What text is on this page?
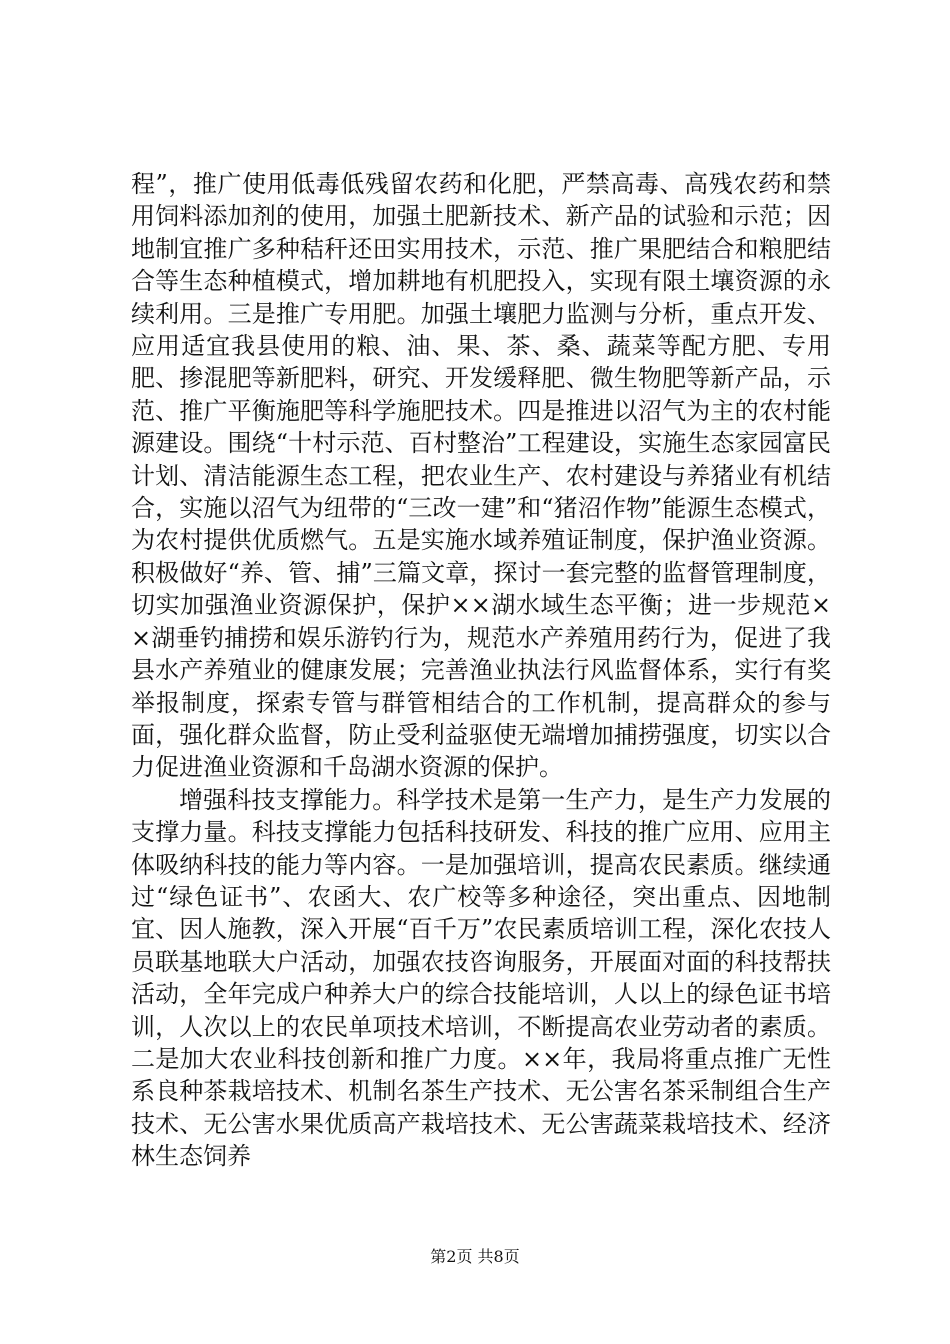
程”，推广使用低毒低残留农药和化肥，严禁高毒、高残农药和禁用饲料添加剂的使用，加强土肥新技术、新产品的试验和示范；因地制宜推广多种秸秆还田实用技术，示范、推广果肥结合和粮肥结合等生态种植模式，增加耕地有机肥投入，实现有限土壤资源的永续利用。三是推广专用肥。加强土壤肥力监测与分析，重点开发、应用适宜我县使用的粮、油、果、茶、桑、蔬菜等配方肥、专用肥、掺混肥等新肥料，研究、开发缓释肥、微生物肥等新产品，示范、推广平衡施肥等科学施肥技术。四是推进以沼气为主的农村能源建设。围绕“十村示范、百村整治”工程建设，实施生态家园富民计划、清洁能源生态工程，把农业生产、农村建设与养猪业有机结合，实施以沼气为纽带的“三改一建”和“猪沼作物”能源生态模式，为农村提供优质燃气。五是实施水域养殖证制度，保护渔业资源。积极做好“养、管、捕”三篇文章，探讨一套完整的监督管理制度，切实加强渔业资源保护，保护××湖水域生态平衡；进一步规范××湖垂钓捕捞和娱乐游钓行为，规范水产养殖用药行为，促进了我县水产养殖业的健康发展；完善渔业执法行风监督体系，实行有奖举报制度，探索专管与群管相结合的工作机制，提高群众的参与面，强化群众监督，防止受利益驱使无端增加捕捞强度，切实以合力促进渔业资源和千岛湖水资源的保护。

增强科技支撑能力。科学技术是第一生产力，是生产力发展的支撑力量。科技支撑能力包括科技研发、科技的推广应用、应用主体吸纳科技的能力等内容。一是加强培训，提高农民素质。继续通过“绿色证书”、农函大、农广校等多种途径，突出重点、因地制宜、因人施教，深入开展“百千万”农民素质培训工程，深化农技人员联基地联大户活动，加强农技咨询服务，开展面对面的科技帮扶活动，全年完成户种养大户的综合技能培训，人以上的绿色证书培训，人次以上的农民单项技术培训，不断提高农业劳动者的素质。二是加大农业科技创新和推广力度。××年，我局将重点推广无性系良种茶栽培技术、机制名茶生产技术、无公害名茶采制组合生产技术、无公害水果优质高产栽培技术、无公害蔬菜栽培技术、经济林生态饲养

第2页 共8页
